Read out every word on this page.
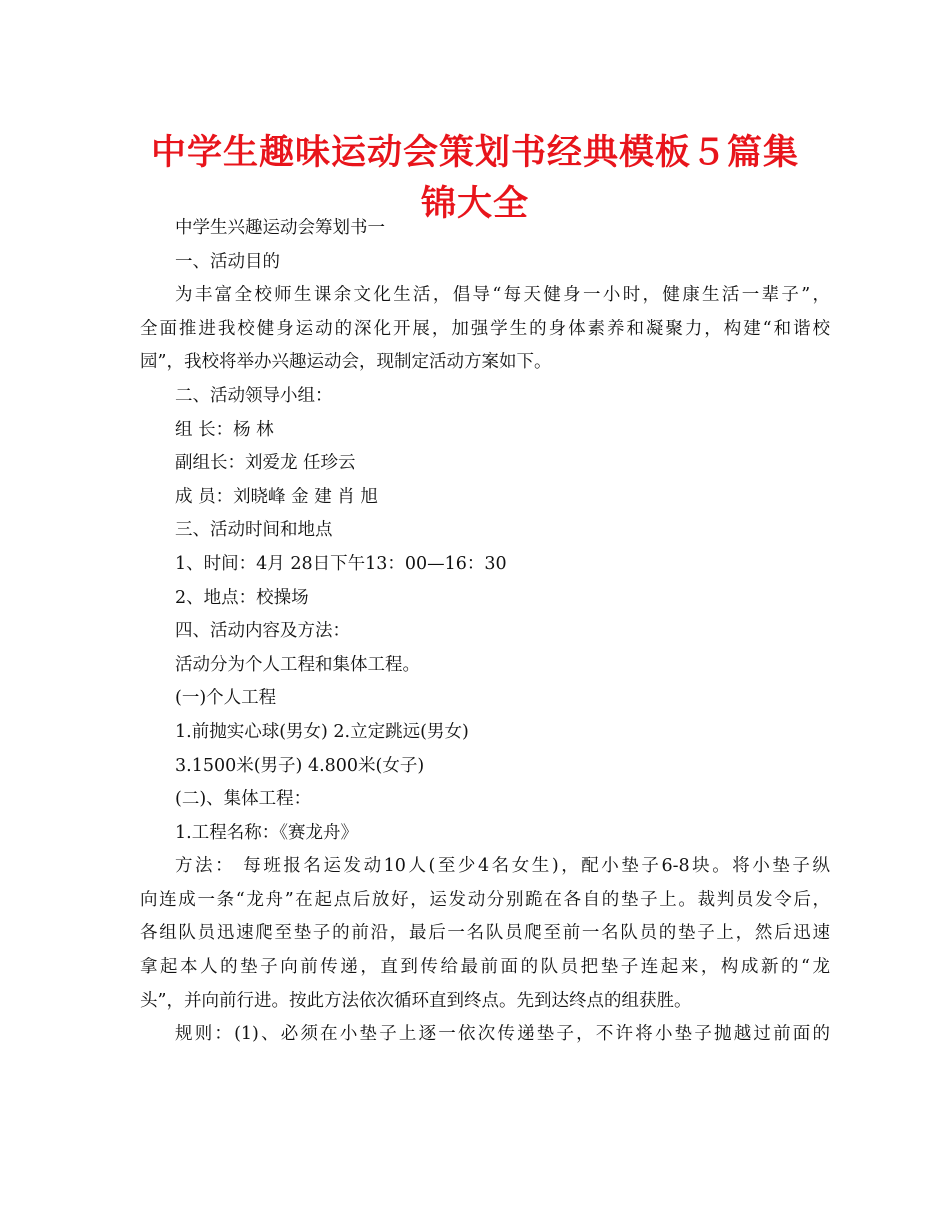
中学生趣味运动会策划书经典模板５篇集
锦大全
中学生兴趣运动会筹划书一
一、活动目的
为丰富全校师生课余文化生活，倡导“每天健身一小时，健康生活一辈子”，
全面推进我校健身运动的深化开展，加强学生的身体素养和凝聚力，构建“和谐校
园”，我校将举办兴趣运动会，现制定活动方案如下。
二、活动领导小组：
组 长：杨 林
副组长：刘爱龙 任珍云
成 员：刘晓峰 金 建 肖 旭
三、活动时间和地点
1、时间：4月 28日下午13：00—16：30
2、地点：校操场
四、活动内容及方法：
活动分为个人工程和集体工程。
(一)个人工程
1.前抛实心球(男女) 2.立定跳远(男女)
3.1500米(男子) 4.800米(女子)
(二)、集体工程：
1.工程名称：《赛龙舟》
方法： 每班报名运发动10人(至少4名女生)，配小垫子6-8块。将小垫子纵
向连成一条“龙舟”在起点后放好，运发动分别跪在各自的垫子上。裁判员发令后，
各组队员迅速爬至垫子的前沿，最后一名队员爬至前一名队员的垫子上，然后迅速
拿起本人的垫子向前传递，直到传给最前面的队员把垫子连起来，构成新的“龙
头”，并向前行进。按此方法依次循环直到终点。先到达终点的组获胜。
规则：(1)、必须在小垫子上逐一依次传递垫子，不许将小垫子抛越过前面的
